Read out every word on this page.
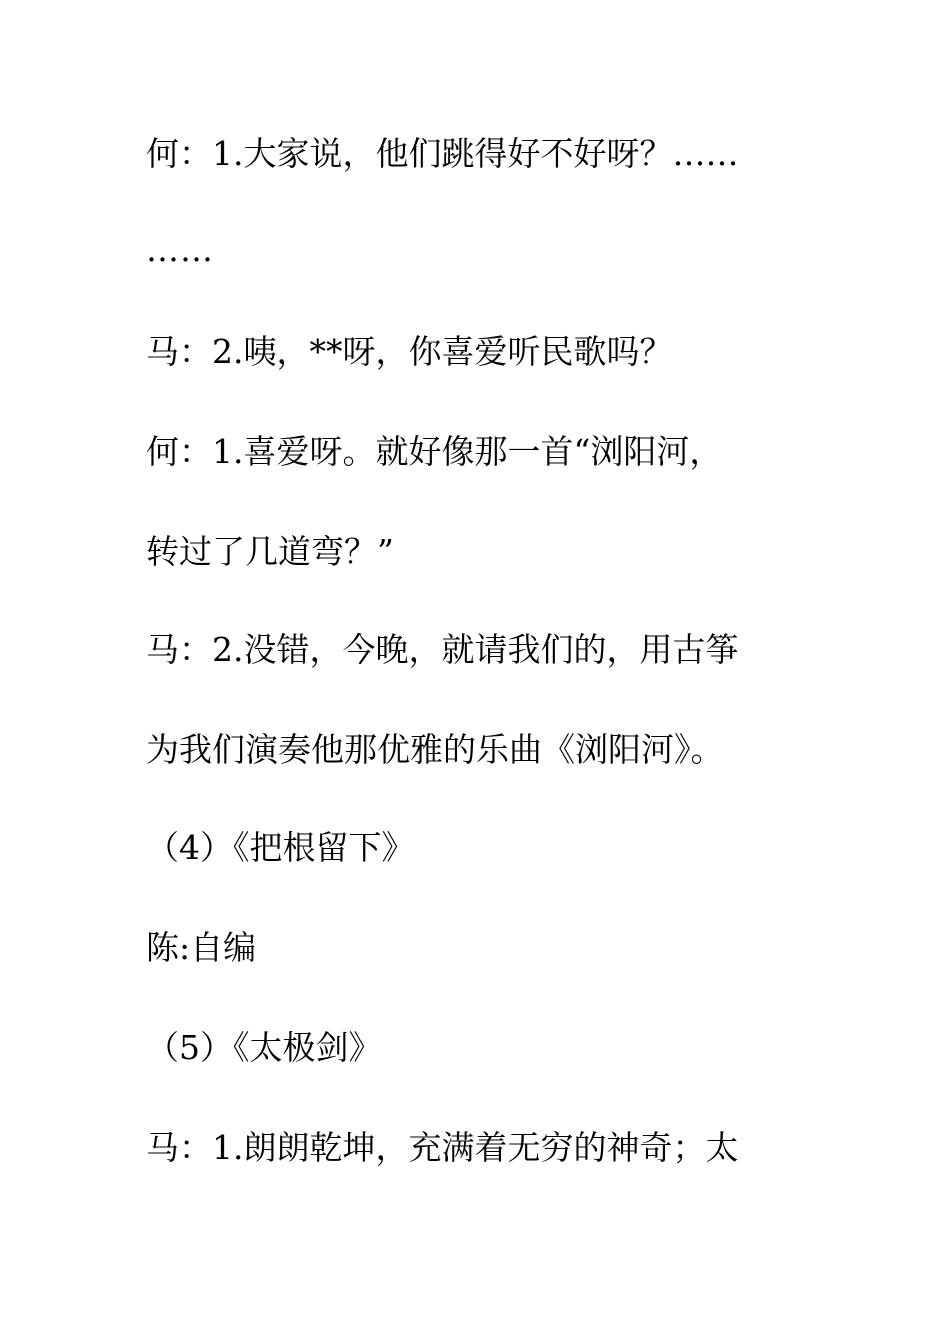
何：1.大家说，他们跳得好不好呀？……
……
马：2.咦，**呀，你喜爱听民歌吗？
何：1.喜爱呀。就好像那一首“浏阳河，
转过了几道弯？”
马：2.没错，今晚，就请我们的，用古筝
为我们演奏他那优雅的乐曲《浏阳河》。
（4）《把根留下》
陈:自编
（5）《太极剑》
马：1.朗朗乾坤，充满着无穷的神奇；太
